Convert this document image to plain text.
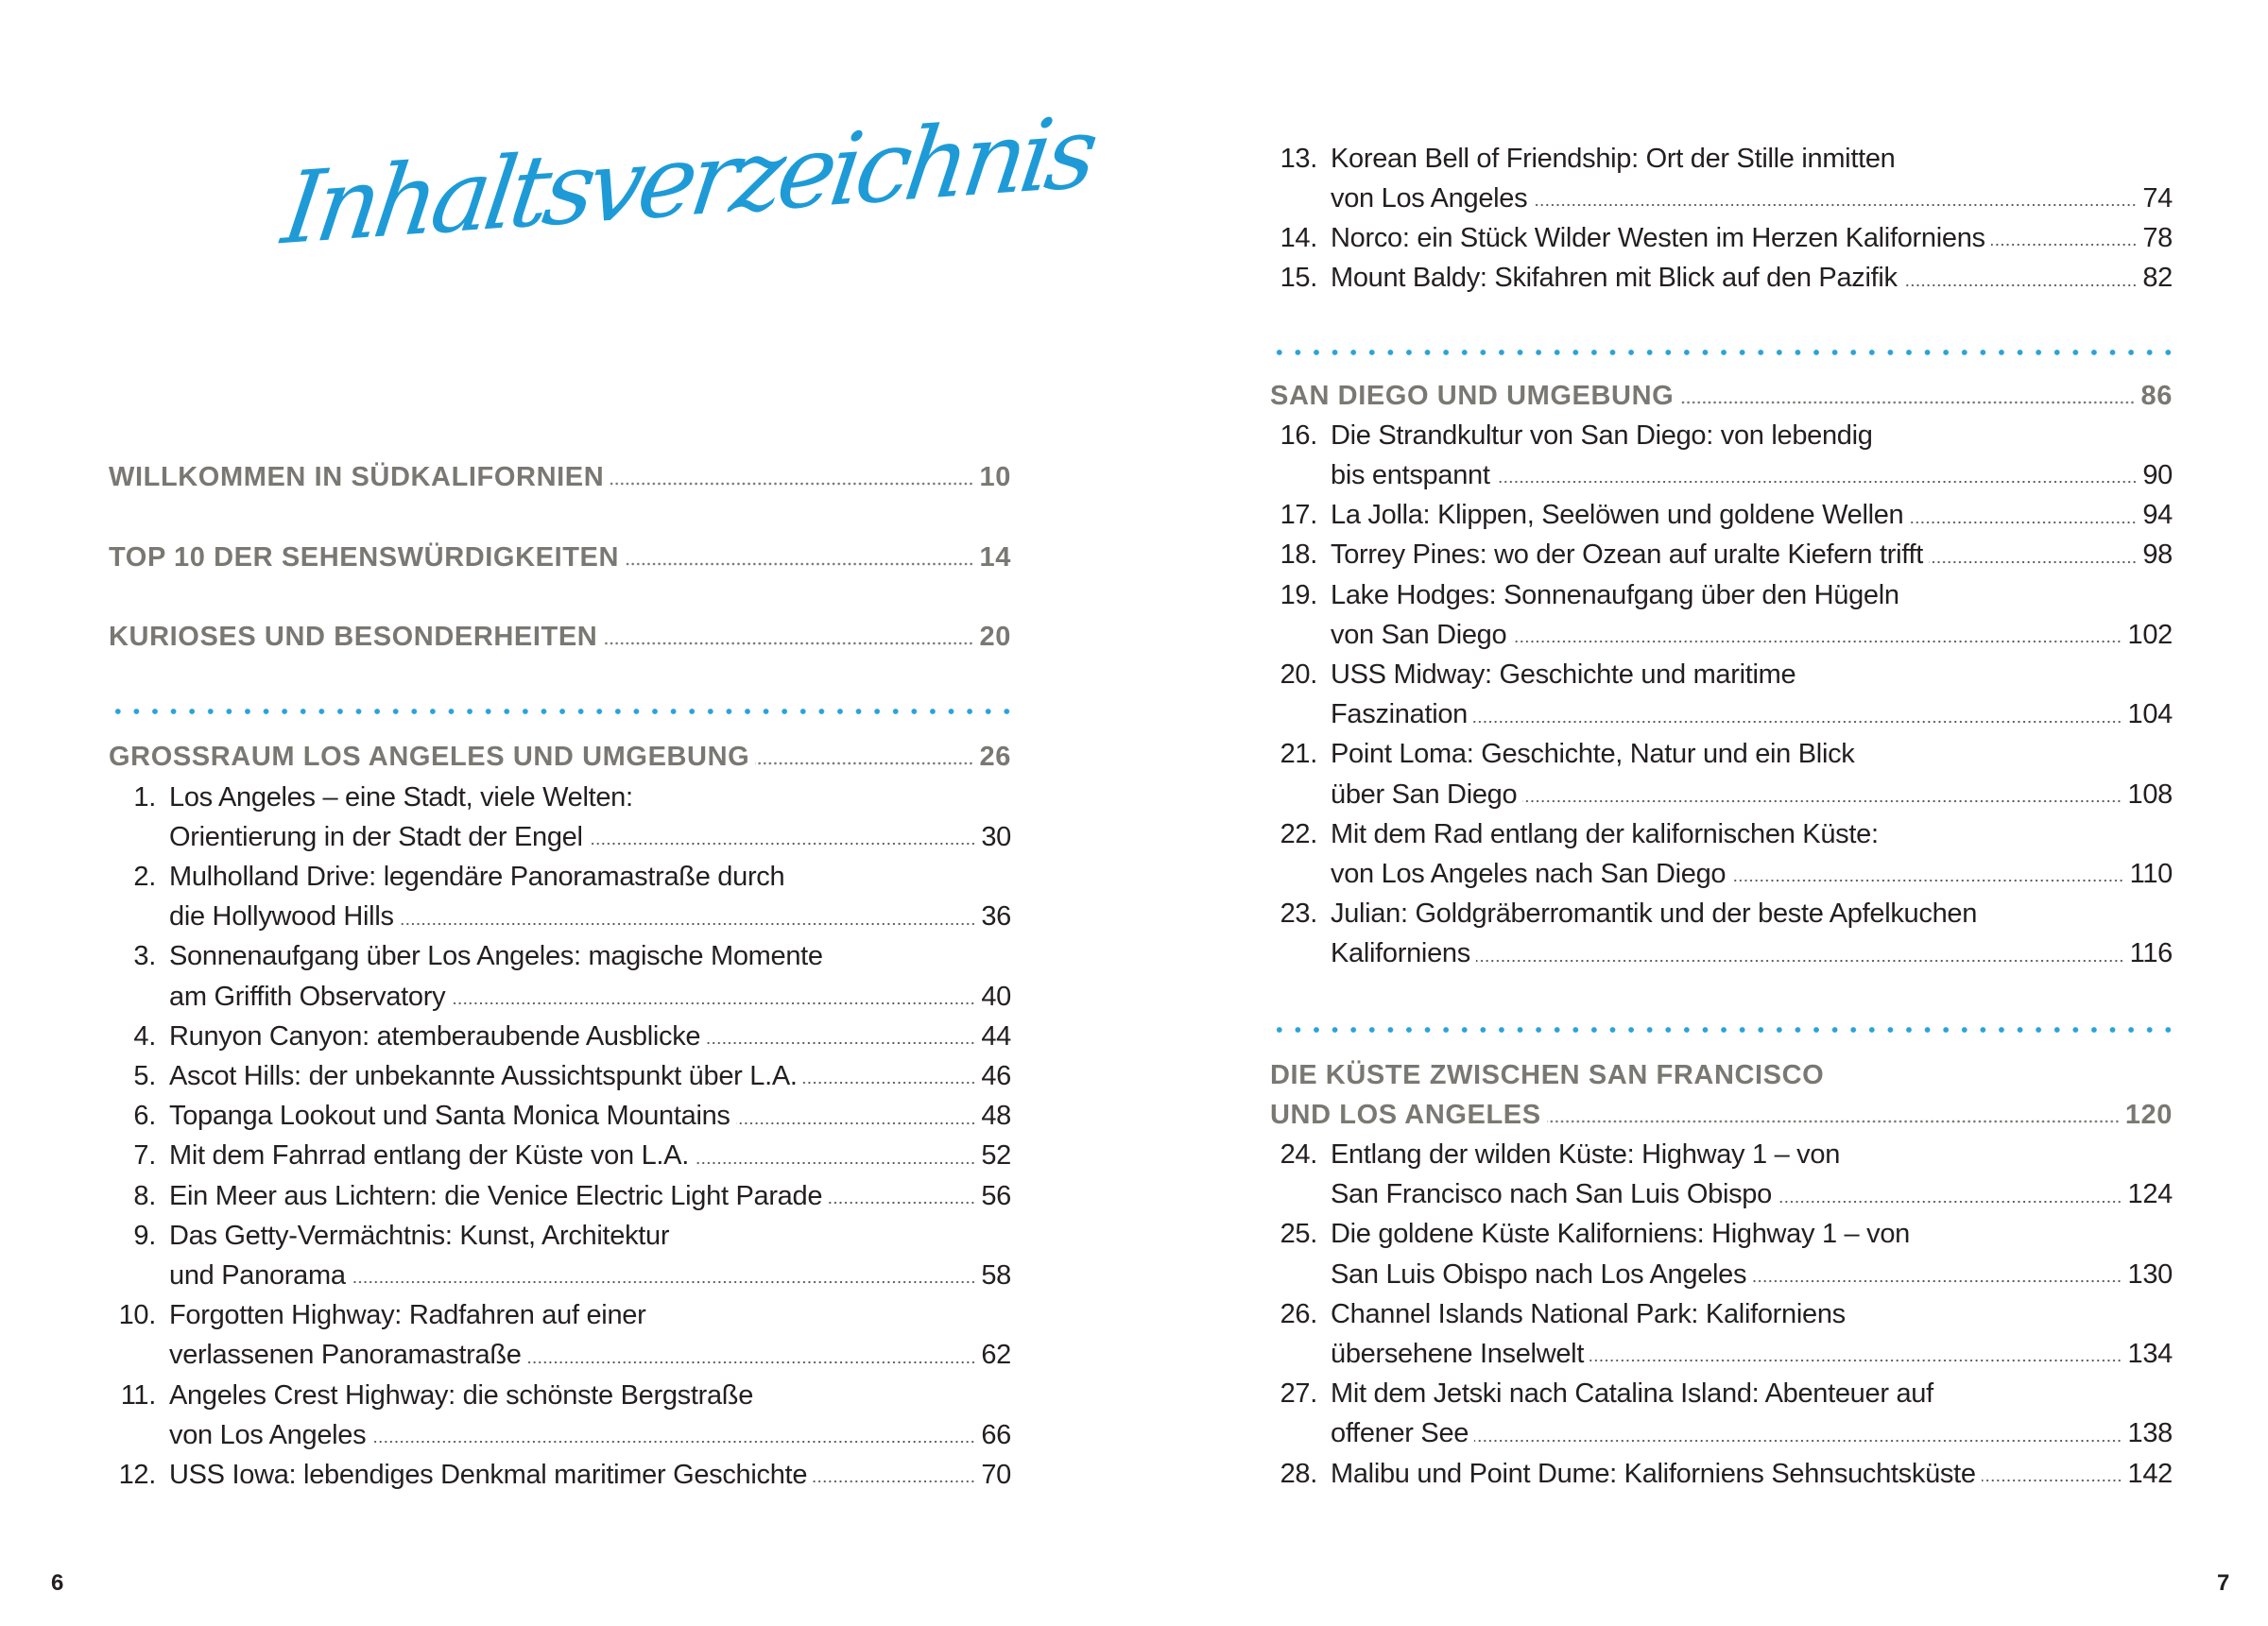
Inhaltsverzeichnis
WILLKOMMEN IN SÜDKALIFORNIEN	10
TOP 10 DER SEHENSWÜRDIGKEITEN	14
KURIOSES UND BESONDERHEITEN	20
GROSSRAUM LOS ANGELES UND UMGEBUNG	26
1. Los Angeles – eine Stadt, viele Welten:
Orientierung in der Stadt der Engel	30
2. Mulholland Drive: legendäre Panoramastraße durch
die Hollywood Hills	36
3. Sonnenaufgang über Los Angeles: magische Momente
am Griffith Observatory	40
4. Runyon Canyon: atemberaubende Ausblicke	44
5. Ascot Hills: der unbekannte Aussichtspunkt über L.A.	46
6. Topanga Lookout und Santa Monica Mountains	48
7. Mit dem Fahrrad entlang der Küste von L.A.	52
8. Ein Meer aus Lichtern: die Venice Electric Light Parade	56
9. Das Getty-Vermächtnis: Kunst, Architektur
und Panorama	58
10. Forgotten Highway: Radfahren auf einer
verlassenen Panoramastraße	62
11. Angeles Crest Highway: die schönste Bergstraße
von Los Angeles	66
12. USS Iowa: lebendiges Denkmal maritimer Geschichte	70
13. Korean Bell of Friendship: Ort der Stille inmitten
von Los Angeles	74
14. Norco: ein Stück Wilder Westen im Herzen Kaliforniens	78
15. Mount Baldy: Skifahren mit Blick auf den Pazifik	82
SAN DIEGO UND UMGEBUNG	86
16. Die Strandkultur von San Diego: von lebendig
bis entspannt	90
17. La Jolla: Klippen, Seelöwen und goldene Wellen	94
18. Torrey Pines: wo der Ozean auf uralte Kiefern trifft	98
19. Lake Hodges: Sonnenaufgang über den Hügeln
von San Diego	102
20. USS Midway: Geschichte und maritime
Faszination	104
21. Point Loma: Geschichte, Natur und ein Blick
über San Diego	108
22. Mit dem Rad entlang der kalifornischen Küste:
von Los Angeles nach San Diego	110
23. Julian: Goldgräberromantik und der beste Apfelkuchen
Kaliforniens	116
DIE KÜSTE ZWISCHEN SAN FRANCISCO
UND LOS ANGELES	120
24. Entlang der wilden Küste: Highway 1 – von
San Francisco nach San Luis Obispo	124
25. Die goldene Küste Kaliforniens: Highway 1 – von
San Luis Obispo nach Los Angeles	130
26. Channel Islands National Park: Kaliforniens
übersehene Inselwelt	134
27. Mit dem Jetski nach Catalina Island: Abenteuer auf
offener See	138
28. Malibu und Point Dume: Kaliforniens Sehnsuchtsküste	142
6	7
